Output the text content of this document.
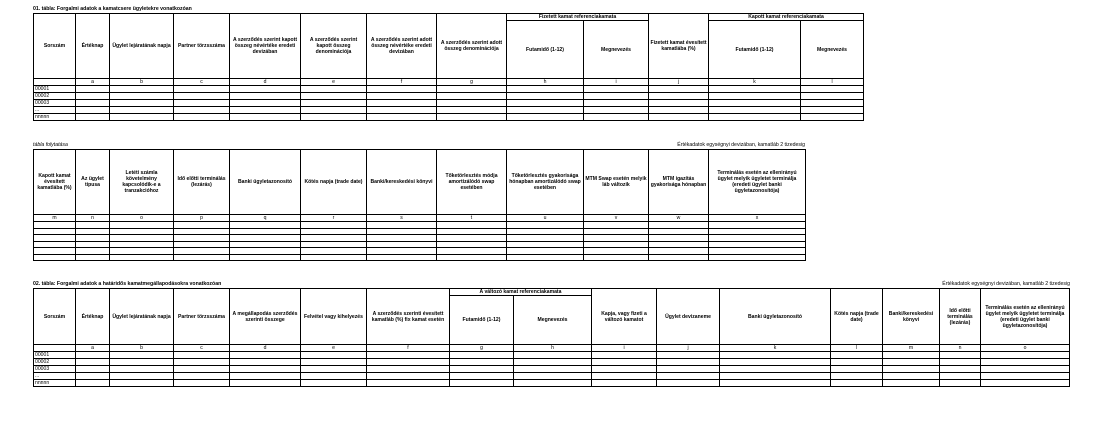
01. tábla: Forgalmi adatok a kamatcsere ügyletekre vonatkozóan
Sorszám	Értéknap	Ügylet lejáratának napja	Partner törzsszáma	A szerződés szerint kapott összeg névértéke eredeti devizában	A szerződés szerint kapott összeg denominációja	A szerződés szerint adott összeg névértéke eredeti devizában	A szerződés szerint adott összeg denominációja	Fizetett kamat referenciakamata		Fizetett kamat évesített kamatlába (%)	Kapott kamat referenciakamata	
								Futamidő (1-12)	Megnevezés		Futamidő (1-12)	Megnevezés
	a	b	c	d	e	f	g	h	i	j	k	l
00001												
00002												
00003												
...												
nnnnn												
tábla folytatása	Értékadatok egységnyi devizában, kamatláb 2 tizedesig
Kapott kamat évesített kamatlába (%)	Az ügylet típusa	Letéti számla követelmény kapcsolódik-e a tranzakcióhoz	Idő előtti terminálás (lezárás)	Banki ügyletazonosító	Kötés napja (trade date)	Banki/kereskedési könyvi	Tőketörlesztés módja amortizálódó swap esetében	Tőketörlesztés gyakorisága hónapban amortizálódó swap esetében	MTM Swap esetén melyik láb változik	MTM igazítás gyakorisága hónapban	Terminálás esetén az ellenirányú ügylet melyik ügyletet terminálja (eredeti ügylet banki ügyletazonosítója)
m	n	o	p	q	r	s	t	u	v	w	x

02. tábla: Forgalmi adatok a határidős kamatmegállapodásokra vonatkozóan	Értékadatok egységnyi devizában, kamatláb 2 tizedesig
Sorszám	Értéknap	Ügylet lejáratának napja	Partner törzsszáma	A megállapodás szerződés szerinti összege	Felvétel vagy kihelyezés	A szerződés szerinti évesített kamatláb (%) fix kamat esetén	A változó kamat referenciakamata		Kapja, vagy fizeti a változó kamatot	Ügylet devizaneme	Banki ügyletazonosító	Kötés napja (trade date)	Banki/kereskedési könyvi	Idő előtti terminálás (lezárás)	Terminálás esetén az ellenirányú ügylet melyik ügyletet terminálja (eredeti ügylet banki ügyletazonosítója)
							Futamidő (1-12)	Megnevezés							
	a	b	c	d	e	f	g	h	i	j	k	l	m	n	o
00001															
00002															
00003															
...															
nnnnn															
